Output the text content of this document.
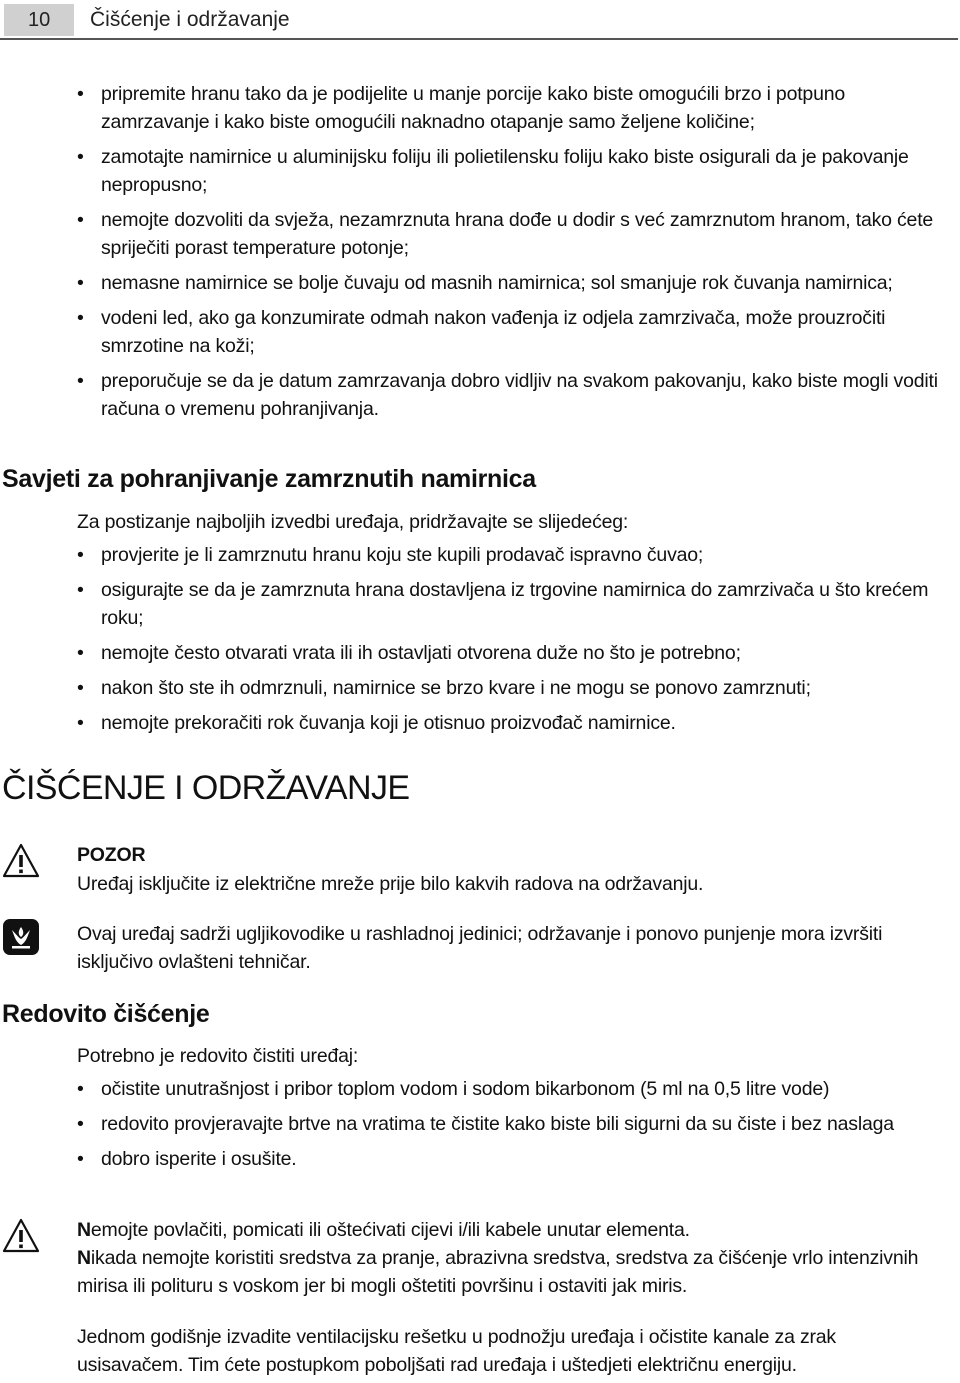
10	Čišćenje i održavanje
• pripremite hranu tako da je podijelite u manje porcije kako biste omogućili brzo i potpuno zamrzavanje i kako biste omogućili naknadno otapanje samo željene količine;
• zamotajte namirnice u aluminijsku foliju ili polietilensku foliju kako biste osigurali da je pakovanje nepropusno;
• nemojte dozvoliti da svježa, nezamrznuta hrana dođe u dodir s već zamrznutom hranom, tako ćete spriječiti porast temperature potonje;
• nemasne namirnice se bolje čuvaju od masnih namirnica; sol smanjuje rok čuvanja namirnica;
• vodeni led, ako ga konzumirate odmah nakon vađenja iz odjela zamrzivača, može prouzročiti smrzotine na koži;
• preporučuje se da je datum zamrzavanja dobro vidljiv na svakom pakovanju, kako biste mogli voditi računa o vremenu pohranjivanja.
Savjeti za pohranjivanje zamrznutih namirnica
Za postizanje najboljih izvedbi uređaja, pridržavajte se slijedećeg:
• provjerite je li zamrznutu hranu koju ste kupili prodavač ispravno čuvao;
• osigurajte se da je zamrznuta hrana dostavljena iz trgovine namirnica do zamrzivača u što krećem roku;
• nemojte često otvarati vrata ili ih ostavljati otvorena duže no što je potrebno;
• nakon što ste ih odmrznuli, namirnice se brzo kvare i ne mogu se ponovo zamrznuti;
• nemojte prekoračiti rok čuvanja koji je otisnuo proizvođač namirnice.
ČIŠĆENJE I ODRŽAVANJE
POZOR
Uređaj isključite iz električne mreže prije bilo kakvih radova na održavanju.
Ovaj uređaj sadrži ugljikovodike u rashladnoj jedinici; održavanje i ponovo punjenje mora izvršiti isključivo ovlašteni tehničar.
Redovito čišćenje
Potrebno je redovito čistiti uređaj:
• očistite unutrašnjost i pribor toplom vodom i sodom bikarbonom (5 ml na 0,5 litre vode)
• redovito provjeravajte brtve na vratima te čistite kako biste bili sigurni da su čiste i bez naslaga
• dobro isperite i osušite.
Nemojte povlačiti, pomicati ili oštećivati cijevi i/ili kabele unutar elementa.
Nikada nemojte koristiti sredstva za pranje, abrazivna sredstva, sredstva za čišćenje vrlo intenzivnih mirisa ili polituru s voskom jer bi mogli oštetiti površinu i ostaviti jak miris.
Jednom godišnje izvadite ventilacijsku rešetku u podnožju uređaja i očistite kanale za zrak usisavačem. Tim ćete postupkom poboljšati rad uređaja i uštedjeti električnu energiju.
